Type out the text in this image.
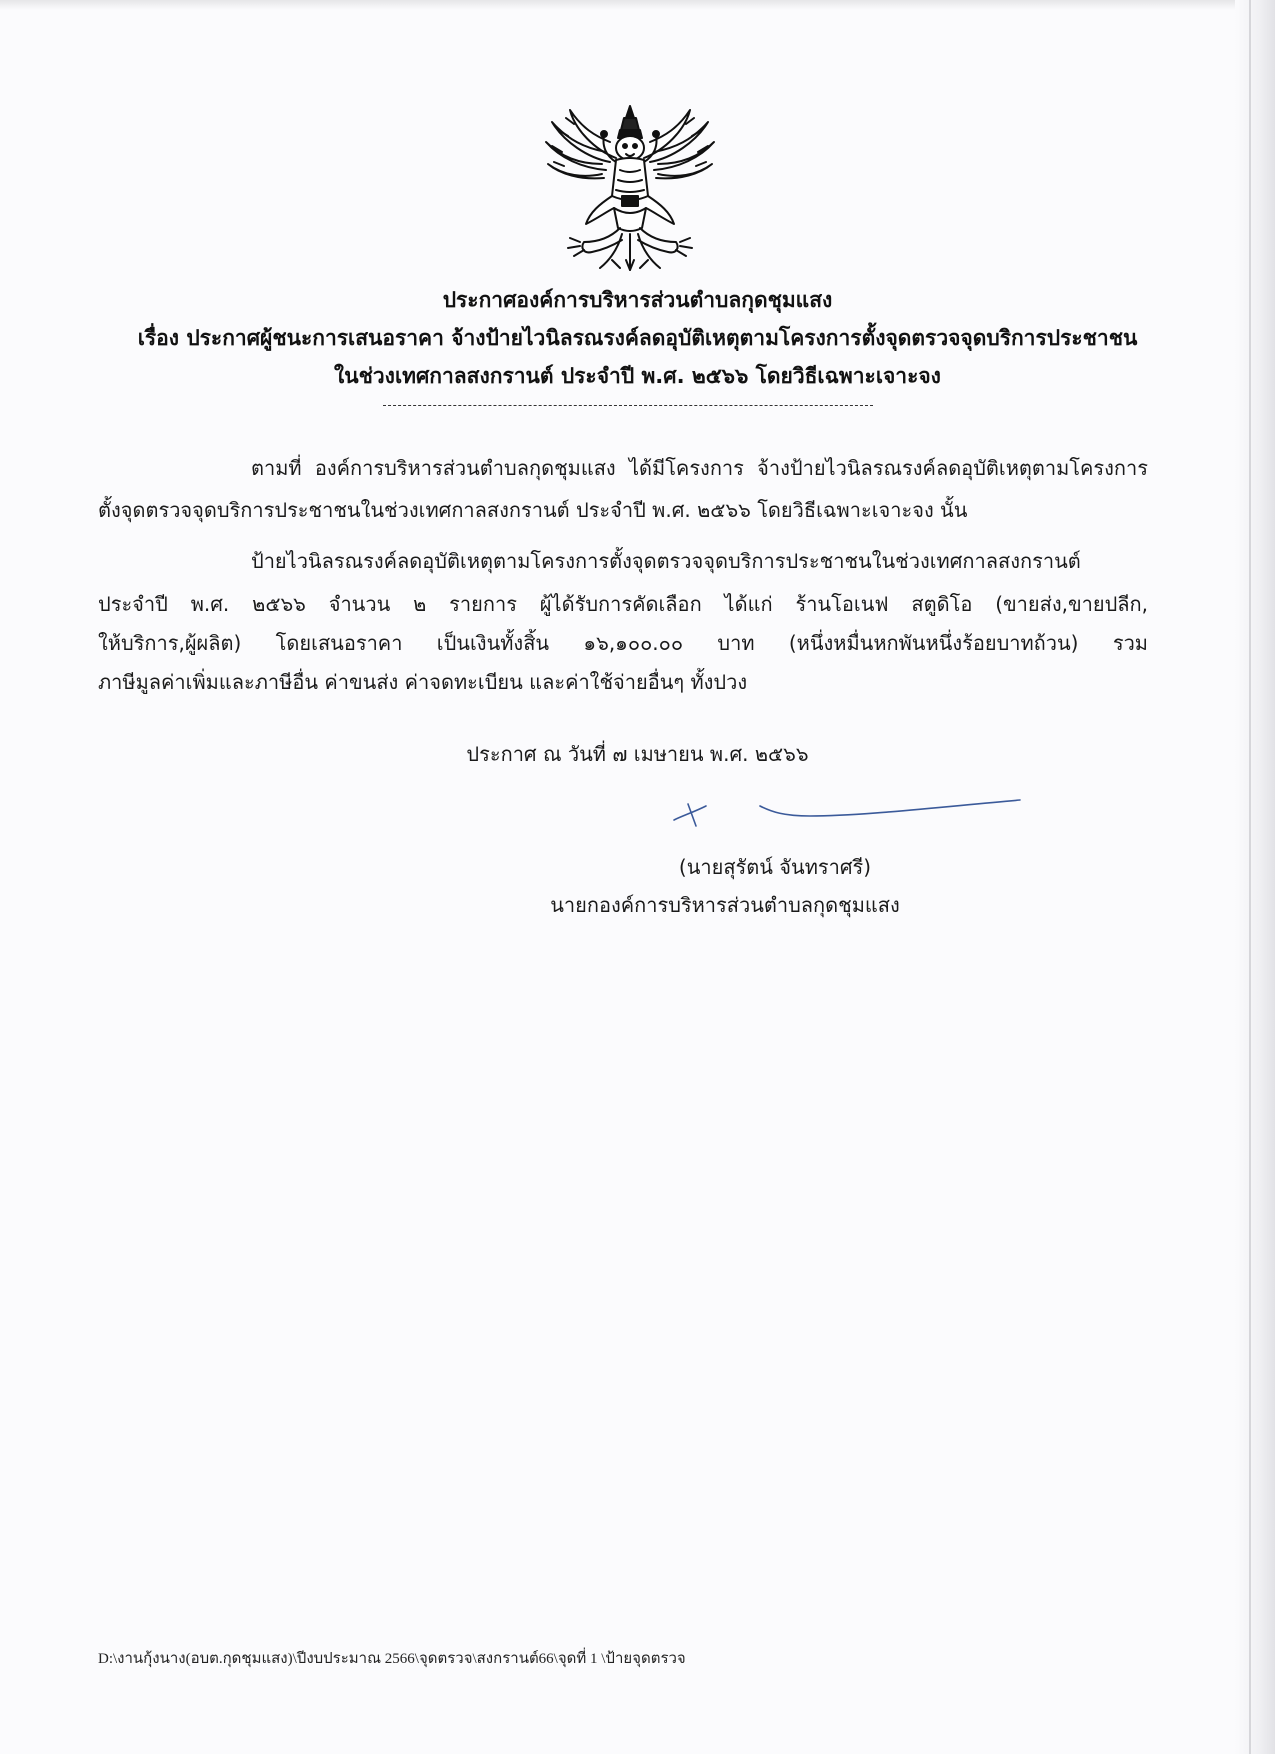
ประกาศองค์การบริหารส่วนตำบลกุดชุมแสง
เรื่อง ประกาศผู้ชนะการเสนอราคา จ้างป้ายไวนิลรณรงค์ลดอุบัติเหตุตามโครงการตั้งจุดตรวจจุดบริการประชาชน
ในช่วงเทศกาลสงกรานต์ ประจำปี พ.ศ. ๒๕๖๖ โดยวิธีเฉพาะเจาะจง
ตามที่ องค์การบริหารส่วนตำบลกุดชุมแสง ได้มีโครงการ จ้างป้ายไวนิลรณรงค์ลดอุบัติเหตุตามโครงการ
ตั้งจุดตรวจจุดบริการประชาชนในช่วงเทศกาลสงกรานต์ ประจำปี พ.ศ. ๒๕๖๖ โดยวิธีเฉพาะเจาะจง นั้น
ป้ายไวนิลรณรงค์ลดอุบัติเหตุตามโครงการตั้งจุดตรวจจุดบริการประชาชนในช่วงเทศกาลสงกรานต์
ประจำปี พ.ศ. ๒๕๖๖ จำนวน ๒ รายการ ผู้ได้รับการคัดเลือก ได้แก่ ร้านโอเนฟ สตูดิโอ (ขายส่ง,ขายปลีก,
ให้บริการ,ผู้ผลิต) โดยเสนอราคา เป็นเงินทั้งสิ้น ๑๖,๑๐๐.๐๐ บาท (หนึ่งหมื่นหกพันหนึ่งร้อยบาทถ้วน) รวม
ภาษีมูลค่าเพิ่มและภาษีอื่น ค่าขนส่ง ค่าจดทะเบียน และค่าใช้จ่ายอื่นๆ ทั้งปวง
ประกาศ ณ วันที่ ๗ เมษายน พ.ศ. ๒๕๖๖
(นายสุรัตน์ จันทราศรี)
นายกองค์การบริหารส่วนตำบลกุดชุมแสง
D:\งานกุ้งนาง(อบต.กุดชุมแสง)\ปีงบประมาณ 2566\จุดตรวจ\สงกรานต์66\จุดที่ 1 \ป้ายจุดตรวจ
